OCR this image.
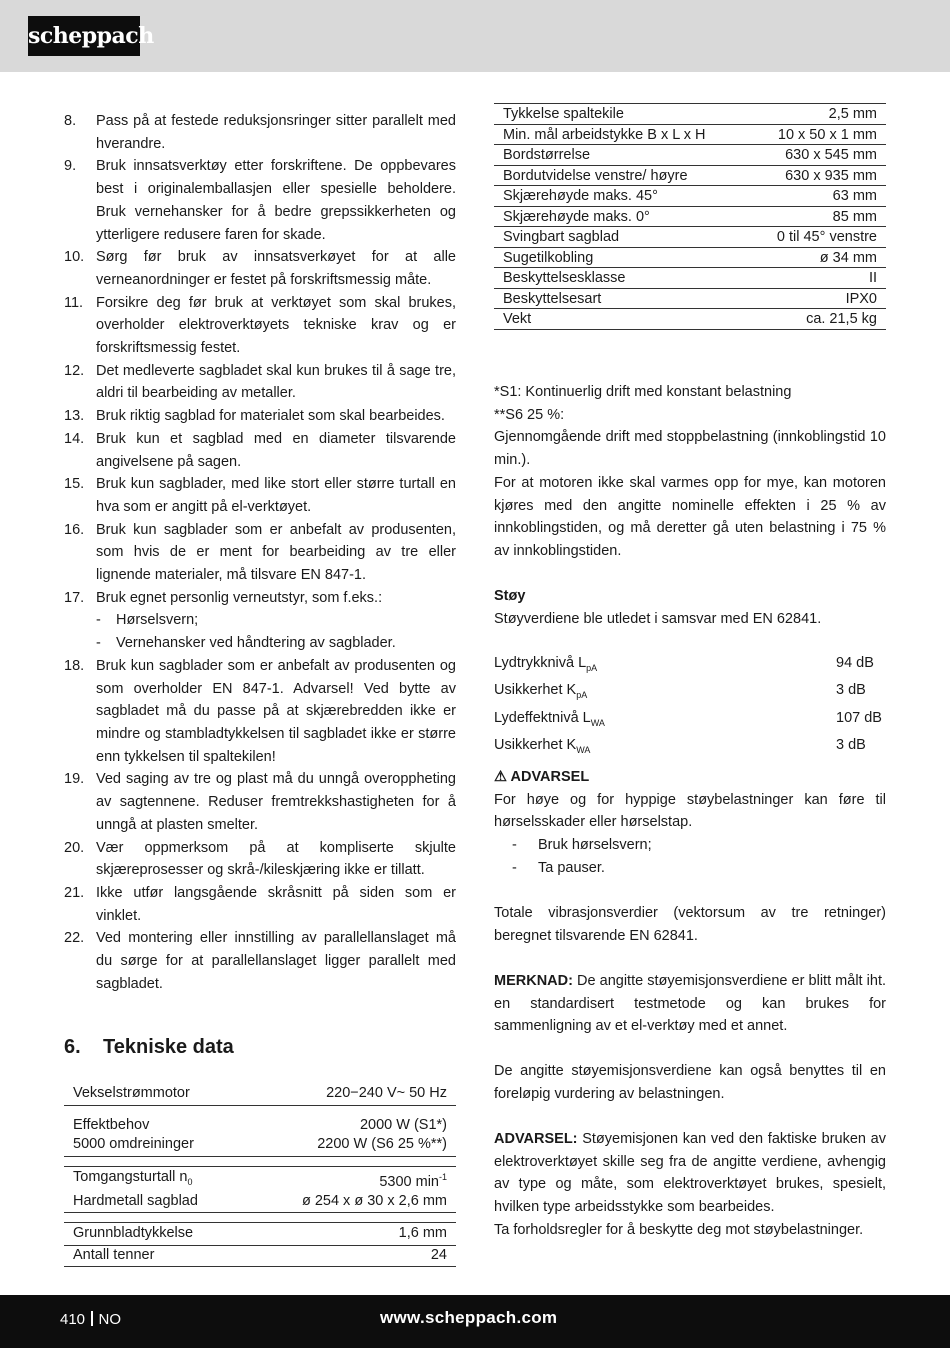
scheppach
8. Pass på at festede reduksjonsringer sitter parallelt med hverandre.
9. Bruk innsatsverktøy etter forskriftene. De oppbevares best i originalemballasjen eller spesielle beholdere. Bruk vernehansker for å bedre grepssikkerheten og ytterligere redusere faren for skade.
10. Sørg før bruk av innsatsverkøyet for at alle verneanordninger er festet på forskriftsmessig måte.
11. Forsikre deg før bruk at verktøyet som skal brukes, overholder elektroverktøyets tekniske krav og er forskriftsmessig festet.
12. Det medleverte sagbladet skal kun brukes til å sage tre, aldri til bearbeiding av metaller.
13. Bruk riktig sagblad for materialet som skal bearbeides.
14. Bruk kun et sagblad med en diameter tilsvarende angivelsene på sagen.
15. Bruk kun sagblader, med like stort eller større turtall en hva som er angitt på el-verktøyet.
16. Bruk kun sagblader som er anbefalt av produsenten, som hvis de er ment for bearbeiding av tre eller lignende materialer, må tilsvare EN 847-1.
17. Bruk egnet personlig verneutstyr, som f.eks.:
- Hørselsvern;
- Vernehansker ved håndtering av sagblader.
18. Bruk kun sagblader som er anbefalt av produsenten og som overholder EN 847-1. Advarsel! Ved bytte av sagbladet må du passe på at skjærebredden ikke er mindre og stambladtykkelsen til sagbladet ikke er større enn tykkelsen til spaltekilen!
19. Ved saging av tre og plast må du unngå overoppheting av sagtennene. Reduser fremtrekkshastigheten for å unngå at plasten smelter.
20. Vær oppmerksom på at kompliserte skjulte skjæreprosesser og skrå-/kileskjæring ikke er tillatt.
21. Ikke utfør langsgående skråsnitt på siden som er vinklet.
22. Ved montering eller innstilling av parallellanslaget må du sørge for at parallellanslaget ligger parallelt med sagbladet.
6. Tekniske data
Vekselstrømmotor	220−240 V~ 50 Hz

Effektbehov	2000 W (S1*)
5000 omdreininger	2200 W (S6 25 %**)

Tomgangsturtall $n_0$	5300 $\min^{-1}$
Hardmetall sagblad	ø 254 x ø 30 x 2,6 mm

Grunnbladtykkelse	1,6 mm
Antall tenner	24
Tykkelse spaltekile	2,5 mm
Min. mål arbeidstykke B x L x H	10 x 50 x 1 mm
Bordstørrelse	630 x 545 mm
Bordutvidelse venstre/ høyre	630 x 935 mm
Skjærehøyde maks. 45°	63 mm
Skjærehøyde maks. 0°	85 mm
Svingbart sagblad	0 til 45° venstre
Sugetilkobling	ø 34 mm
Beskyttelsesklasse	II
Beskyttelsesart	IPX0
Vekt	ca. 21,5 kg
*S1: Kontinuerlig drift med konstant belastning
**S6 25 %:
Gjennomgående drift med stoppbelastning (innkoblingstid 10 min.).
For at motoren ikke skal varmes opp for mye, kan motoren kjøres med den angitte nominelle effekten i 25 % av innkoblingstiden, og må deretter gå uten belastning i 75 % av innkoblingstiden.
Støy
Støyverdiene ble utledet i samsvar med EN 62841.
Lydtrykknivå $L_{pA}$	94 dB
Usikkerhet $K_{pA}$	3 dB
Lydeffektnivå $L_{WA}$	107 dB
Usikkerhet $K_{WA}$	3 dB
⚠ ADVARSEL
For høye og for hyppige støybelastninger kan føre til hørselsskader eller hørselstap.
- Bruk hørselsvern;
- Ta pauser.
Totale vibrasjonsverdier (vektorsum av tre retninger) beregnet tilsvarende EN 62841.
MERKNAD: De angitte støyemisjonsverdiene er blitt målt iht. en standardisert testmetode og kan brukes for sammenligning av et el-verktøy med et annet.
De angitte støyemisjonsverdiene kan også benyttes til en foreløpig vurdering av belastningen.
ADVARSEL: Støyemisjonen kan ved den faktiske bruken av elektroverktøyet skille seg fra de angitte verdiene, avhengig av type og måte, som elektroverktøyet brukes, spesielt, hvilken type arbeidsstykke som bearbeides.
Ta forholdsregler for å beskytte deg mot støybelastninger.
410 NO	www.scheppach.com
